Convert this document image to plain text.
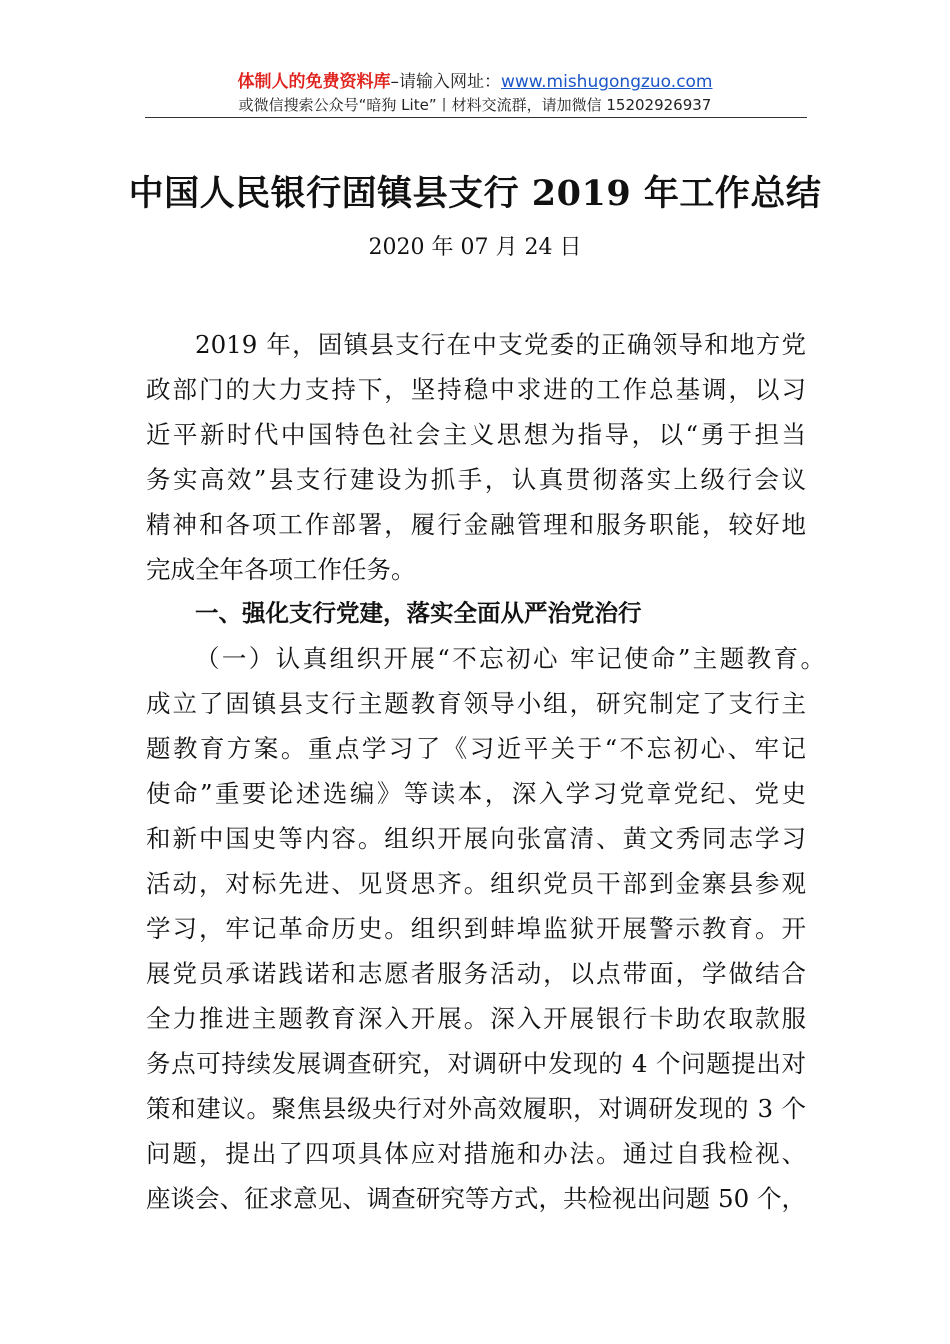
体制人的免费资料库–请输入网址：www.mishugongzuo.com
或微信搜索公众号“暗狗 Lite”丨材料交流群，请加微信 15202926937
中国人民银行固镇县支行 2019 年工作总结
2020 年 07 月 24 日
2019 年，固镇县支行在中支党委的正确领导和地方党
政部门的大力支持下，坚持稳中求进的工作总基调，以习
近平新时代中国特色社会主义思想为指导，以“勇于担当
务实高效”县支行建设为抓手，认真贯彻落实上级行会议
精神和各项工作部署，履行金融管理和服务职能，较好地
完成全年各项工作任务。
一、强化支行党建，落实全面从严治党治行
（一）认真组织开展“不忘初心 牢记使命”主题教育。
成立了固镇县支行主题教育领导小组，研究制定了支行主
题教育方案。重点学习了《习近平关于“不忘初心、牢记
使命”重要论述选编》等读本，深入学习党章党纪、党史
和新中国史等内容。组织开展向张富清、黄文秀同志学习
活动，对标先进、见贤思齐。组织党员干部到金寨县参观
学习，牢记革命历史。组织到蚌埠监狱开展警示教育。开
展党员承诺践诺和志愿者服务活动，以点带面，学做结合
全力推进主题教育深入开展。深入开展银行卡助农取款服
务点可持续发展调查研究，对调研中发现的 4 个问题提出对
策和建议。聚焦县级央行对外高效履职，对调研发现的 3 个
问题，提出了四项具体应对措施和办法。通过自我检视、
座谈会、征求意见、调查研究等方式，共检视出问题 50 个，
